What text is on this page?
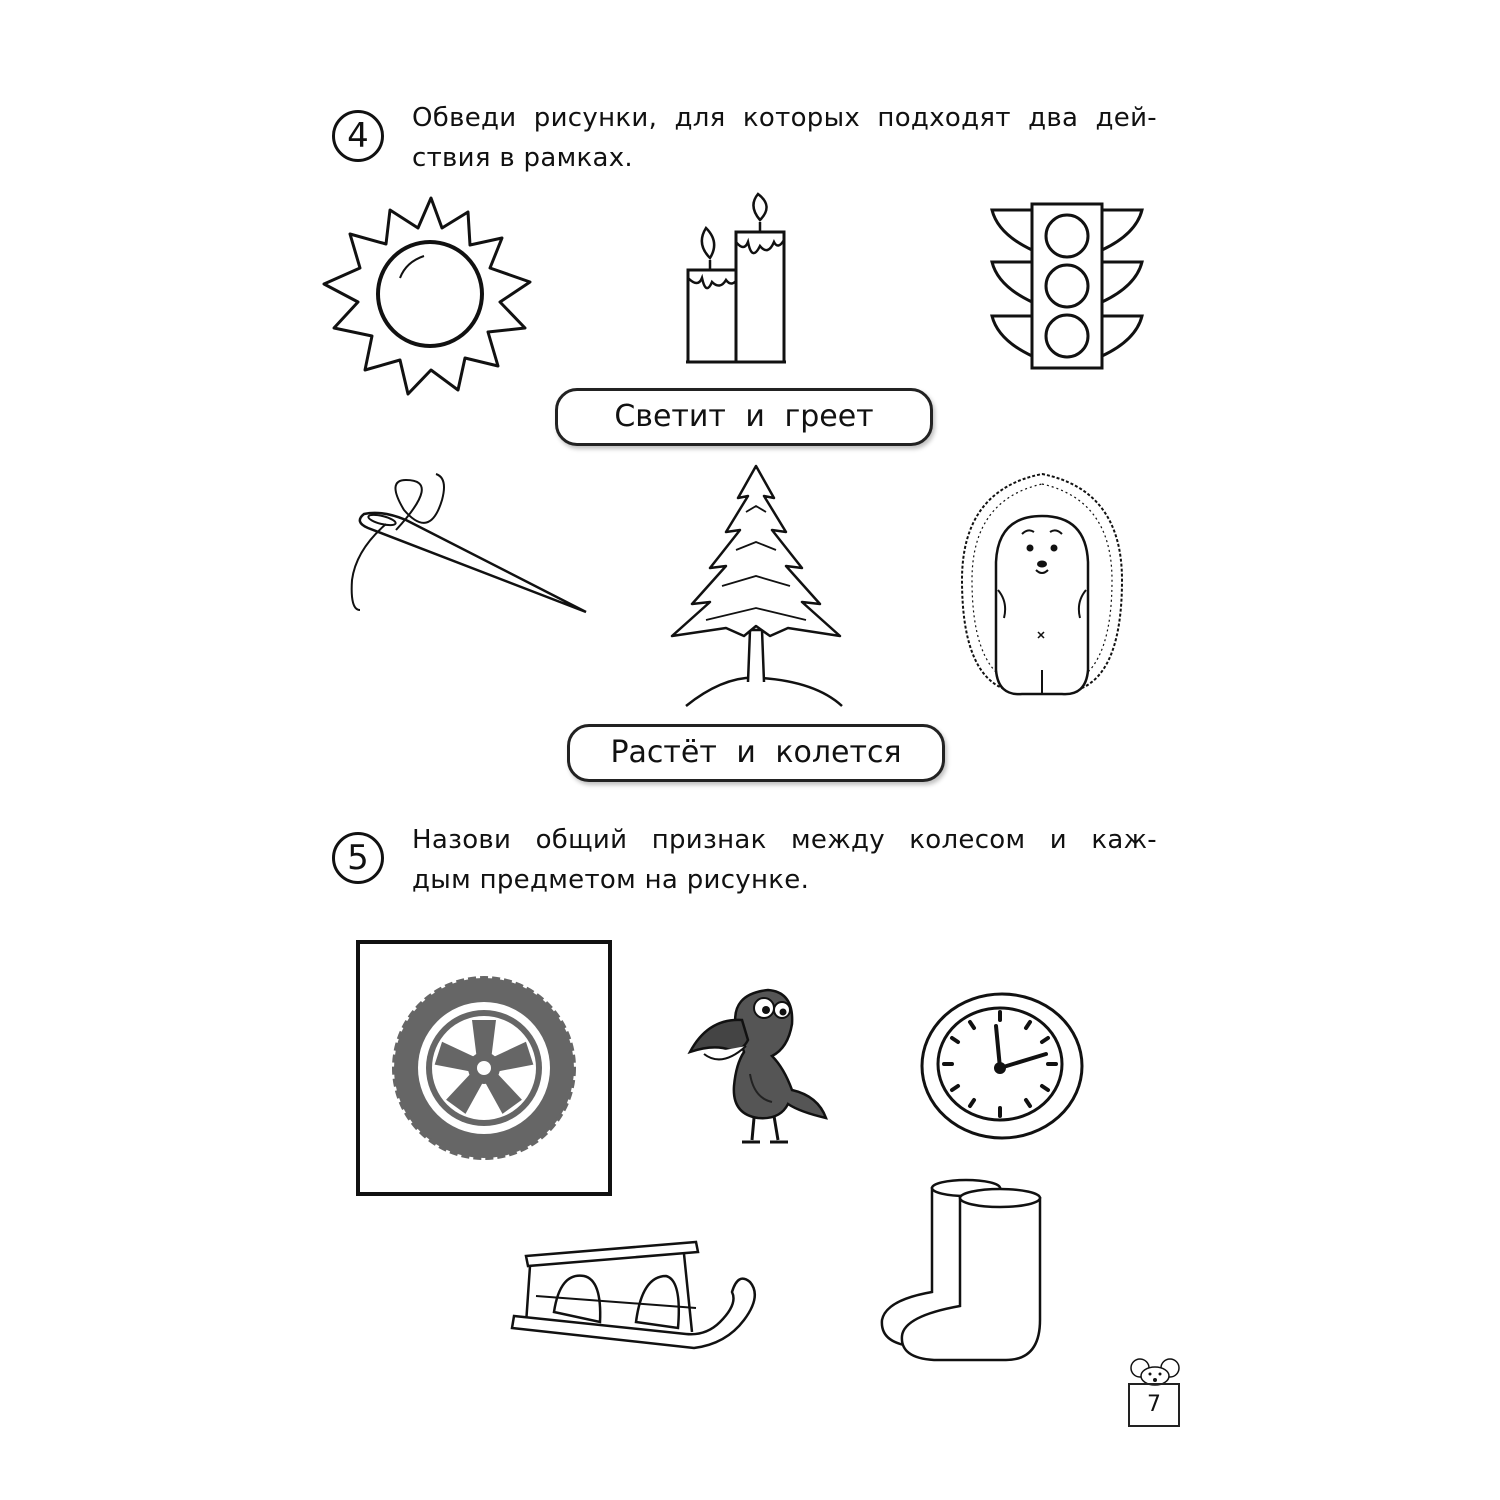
4	Обведи рисунки, для которых подходят два дей-
ствия в рамках.
Светит и греет
Растёт и колется
5	Назови общий признак между колесом и каж-
дым предметом на рисунке.
7
